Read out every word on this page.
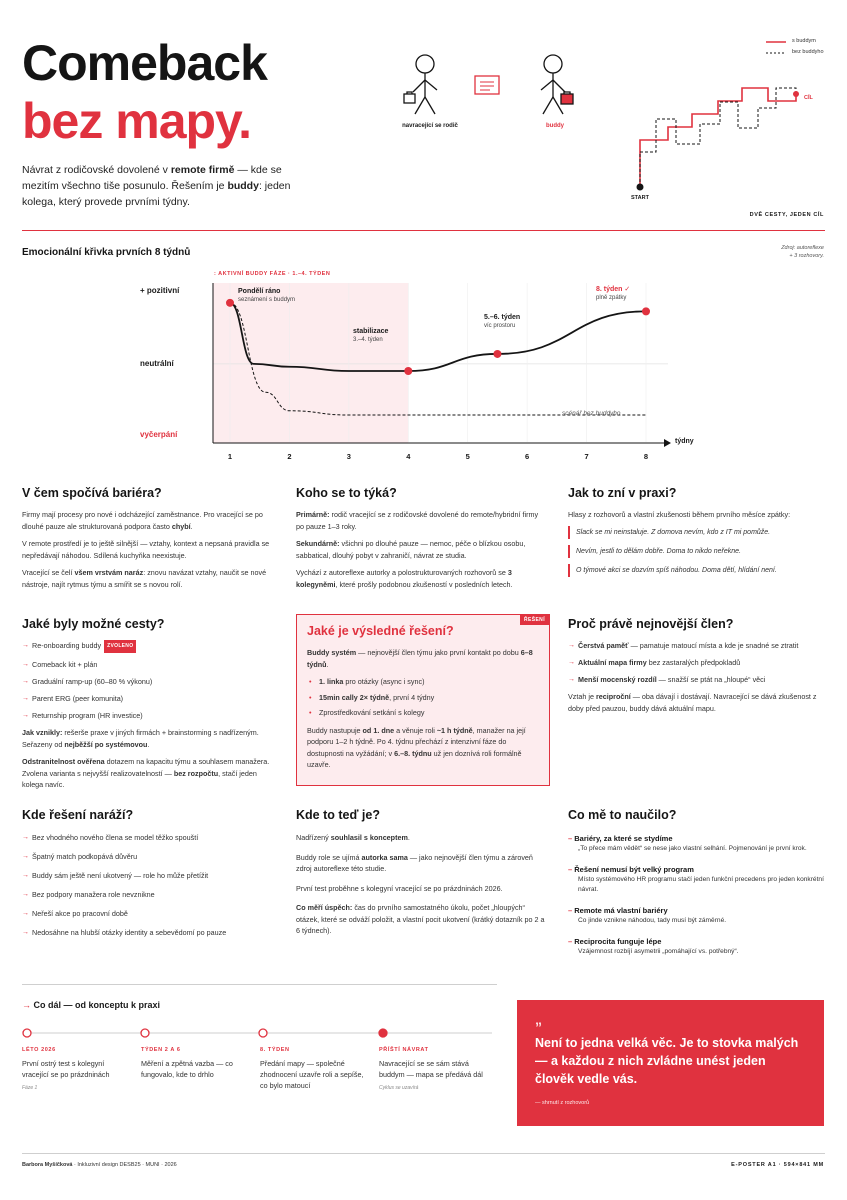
Comeback
bez mapy.
Návrat z rodičovské dovolené v remote firmě — kde se mezitím všechno tiše posunulo. Řešením je buddy: jeden kolega, který provede prvními týdny.
navracející se rodič	buddy
s buddym
bez buddyho
START
CÍL
DVĚ CESTY, JEDEN CÍL
Emocionální křivka prvních 8 týdnů	Zdroj: autoreflexe
+ 3 rozhovory.
: AKTIVNÍ BUDDY FÁZE · 1.–4. TÝDEN
1	2	3	4	5	6	7	8
+ pozitivní
neutrální
vyčerpání
týdny
Pondělí ráno
seznámení s buddym
stabilizace
3.–4. týden
5.–6. týden
víc prostoru
8. týden ✓
plně zpátky
scénář bez buddyho
V čem spočívá bariéra?
Firmy mají procesy pro nové i odcházející zaměstnance. Pro vracející se po dlouhé pauze ale strukturovaná podpora často chybí.
V remote prostředí je to ještě silnější — vztahy, kontext a nepsaná pravidla se nepředávají náhodou. Sdílená kuchyňka neexistuje.
Vracející se čelí všem vrstvám naráz: znovu navázat vztahy, naučit se nové nástroje, najít rytmus týmu a smířit se s novou rolí.
Koho se to týká?
Primárně: rodič vracející se z rodičovské dovolené do remote/hybridní firmy po pauze 1–3 roky.
Sekundárně: všichni po dlouhé pauze — nemoc, péče o blízkou osobu, sabbatical, dlouhý pobyt v zahraničí, návrat ze studia.
Vychází z autoreflexe autorky a polostrukturovaných rozhovorů se 3 kolegyněmi, které prošly podobnou zkušeností v posledních letech.
Jak to zní v praxi?
Hlasy z rozhovorů a vlastní zkušenosti během prvního měsíce zpátky:
Slack se mi neinstaluje. Z domova nevím, kdo z IT mi pomůže.
Nevím, jestli to dělám dobře. Doma to nikdo neřekne.
O týmové akci se dozvím spíš náhodou. Doma dětí, hlídání není.
Jaké byly možné cesty?
→ Re-onboarding buddy ZVOLENO
→ Comeback kit + plán
→ Graduální ramp-up (60–80 % výkonu)
→ Parent ERG (peer komunita)
→ Returnship program (HR investice)
Jak vznikly: rešerše praxe v jiných firmách + brainstorming s nadřízeným. Seřazeny od nejběžší po systémovou.
Odstranitelnost ověřena dotazem na kapacitu týmu a souhlasem manažera. Zvolena varianta s nejvyšší realizovatelností — bez rozpočtu, stačí jeden kolega navíc.
ŘEŠENÍ
Jaké je výsledné řešení?
Buddy systém — nejnovější člen týmu jako první kontakt po dobu 6–8 týdnů.
• 1. linka pro otázky (async i sync)
• 15min cally 2× týdně, první 4 týdny
• Zprostředkování setkání s kolegy
Buddy nastupuje od 1. dne a věnuje roli ~1 h týdně, manažer na její podporu 1–2 h týdně. Po 4. týdnu přechází z intenzivní fáze do dostupnosti na vyžádání; v 6.–8. týdnu už jen doznívá roli formálně uzavře.
Proč právě nejnovější člen?
→ Čerstvá paměť — pamatuje matoucí místa a kde je snadné se ztratit
→ Aktuální mapa firmy bez zastaralých předpokladů
→ Menší mocenský rozdíl — snažší se ptát na „hloupé“ věci
Vztah je reciproční — oba dávají i dostávají. Navracející se dává zkušenost z doby před pauzou, buddy dává aktuální mapu.
Kde řešení naráží?
→ Bez vhodného nového člena se model těžko spouští
→ Špatný match podkopává důvěru
→ Buddy sám ještě není ukotvený — role ho může přetížit
→ Bez podpory manažera role nevznikne
→ Neřeší akce po pracovní době
→ Nedosáhne na hlubší otázky identity a sebevědomí po pauze
Kde to teď je?
Nadřízený souhlasil s konceptem.
Buddy role se ujímá autorka sama — jako nejnovější člen týmu a zároveň zdroj autoreflexe této studie.
První test proběhne s kolegyní vracející se po prázdninách 2026.
Co měří úspěch: čas do prvního samostatného úkolu, počet „hloupých“ otázek, které se odváží položit, a vlastní pocit ukotvení (krátký dotazník po 2 a 6 týdnech).
Co mě to naučilo?
– Bariéry, za které se stydíme
„To přece mám vědět“ se nese jako vlastní selhání. Pojmenování je první krok.
– Řešení nemusí být velký program
Místo systémového HR programu stačí jeden funkční precedens pro jeden konkrétní návrat.
– Remote má vlastní bariéry
Co jinde vznikne náhodou, tady musí být záměrné.
– Reciprocita funguje lépe
Vzájemnost rozbíjí asymetrii „pomáhající vs. potřebný“.
→ Co dál — od konceptu k praxi
LÉTO 2026
První ostrý test s kolegyní vracející se po prázdninách
Fáze 1
TÝDEN 2 A 6
Měření a zpětná vazba — co fungovalo, kde to drhlo
8. TÝDEN
Předání mapy — společné zhodnocení uzavře roli a sepíše, co bylo matoucí
PŘÍŠTÍ NÁVRAT
Navracející se se sám stává buddym — mapa se předává dál
Cyklus se uzavírá
”
Není to jedna velká věc. Je to stovka malých — a každou z nich zvládne unést jeden člověk vedle vás.
— shrnutí z rozhovorů
Barbora Myšíčková · Inkluzivní design DESB25 · MUNI · 2026	E-POSTER A1 · 594×841 MM
